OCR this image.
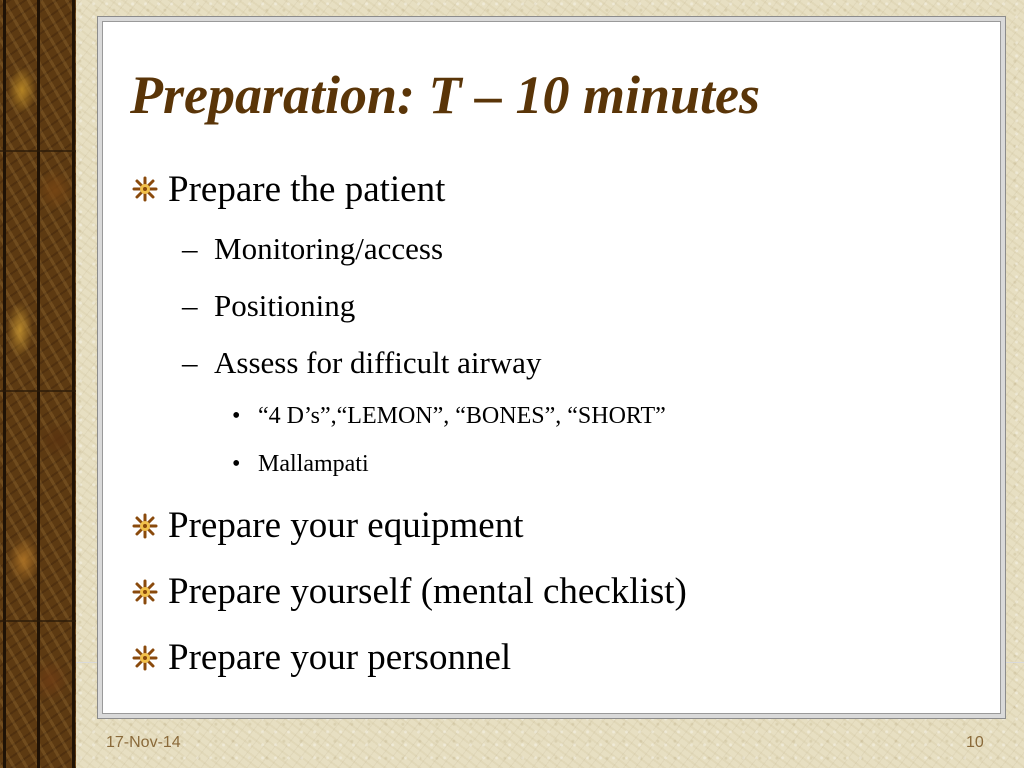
Preparation: T – 10 minutes
Prepare the patient
– Monitoring/access
– Positioning
– Assess for difficult airway
• “4 D’s”,“LEMON”, “BONES”, “SHORT”
• Mallampati
Prepare your equipment
Prepare yourself (mental checklist)
Prepare your personnel
17-Nov-14	10
